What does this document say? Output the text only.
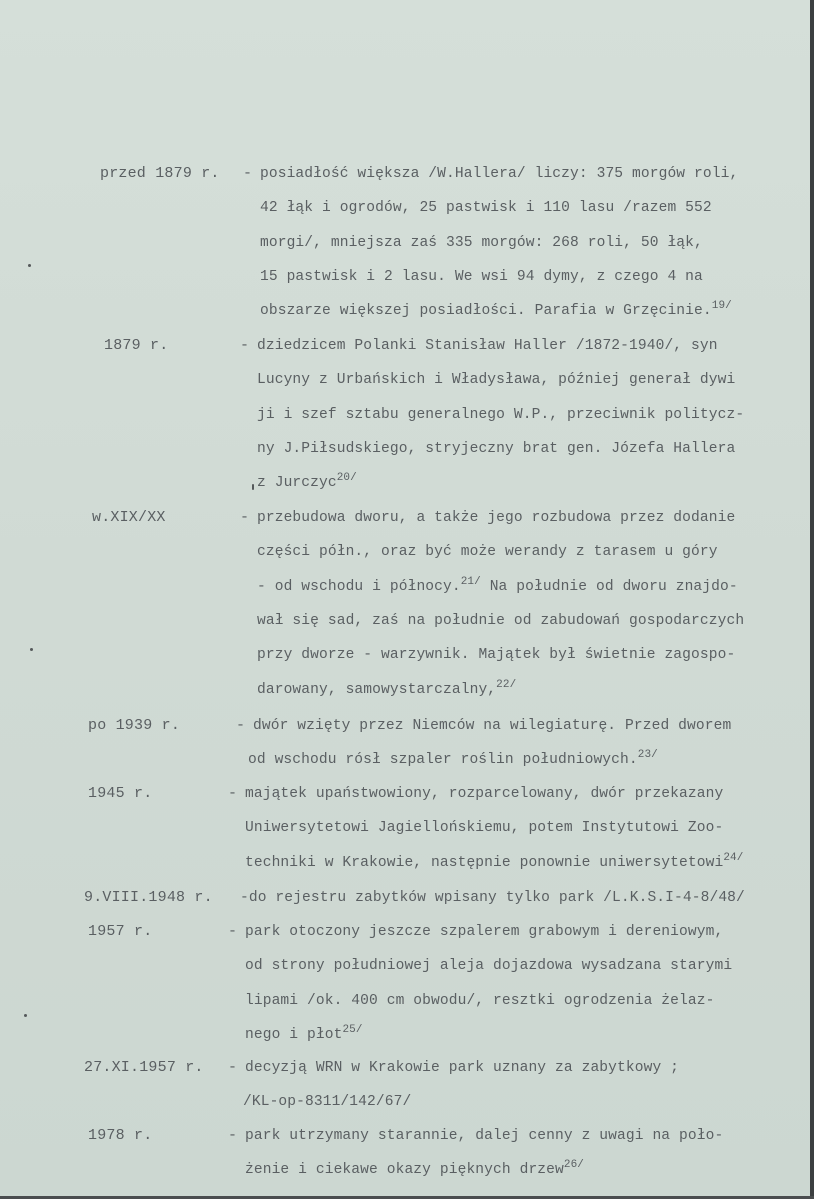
przed 1879 r. - posiadłość większa /W.Hallera/ liczy: 375 morgów roli,
42 łąk i ogrodów, 25 pastwisk i 110 lasu /razem 552
morgi/, mniejsza zaś 335 morgów: 268 roli, 50 łąk,
15 pastwisk i 2 lasu. We wsi 94 dymy, z czego 4 na
obszarze większej posiadłości. Parafia w Grzęcinie.$^{19/}$
1879 r.	- dziedzicem Polanki Stanisław Haller /1872-1940/, syn
Lucyny z Urbańskich i Władysława, później generał dywi
ji i szef sztabu generalnego W.P., przeciwnik politycz-
ny J.Piłsudskiego, stryjeczny brat gen. Józefa Hallera
z Jurczyc$^{20/}$
w.XIX/XX	- przebudowa dworu, a także jego rozbudowa przez dodanie
części półn., oraz być może werandy z tarasem u góry
- od wschodu i północy.$^{21/}$ Na południe od dworu znajdo-
wał się sad, zaś na południe od zabudowań gospodarczych
przy dworze - warzywnik. Majątek był świetnie zagospo-
darowany, samowystarczalny,$^{22/}$
po 1939 r.	- dwór wzięty przez Niemców na wilegiaturę. Przed dworem
od wschodu rósł szpaler roślin południowych.$^{23/}$
1945 r.	- majątek upaństwowiony, rozparcelowany, dwór przekazany
Uniwersytetowi Jagiellońskiemu, potem Instytutowi Zoo-
techniki w Krakowie, następnie ponownie uniwersytetowi$^{24/}$
9.VIII.1948 r. -do rejestru zabytków wpisany tylko park /L.K.S.I-4-8/48/
1957 r.	- park otoczony jeszcze szpalerem grabowym i dereniowym,
od strony południowej aleja dojazdowa wysadzana starymi
lipami /ok. 400 cm obwodu/, resztki ogrodzenia żelaz-
nego i płot$^{25/}$
27.XI.1957 r. - decyzją WRN w Krakowie park uznany za zabytkowy ;
/KL-op-8311/142/67/
1978 r.	- park utrzymany starannie, dalej cenny z uwagi na poło-
żenie i ciekawe okazy pięknych drzew$^{26/}$
